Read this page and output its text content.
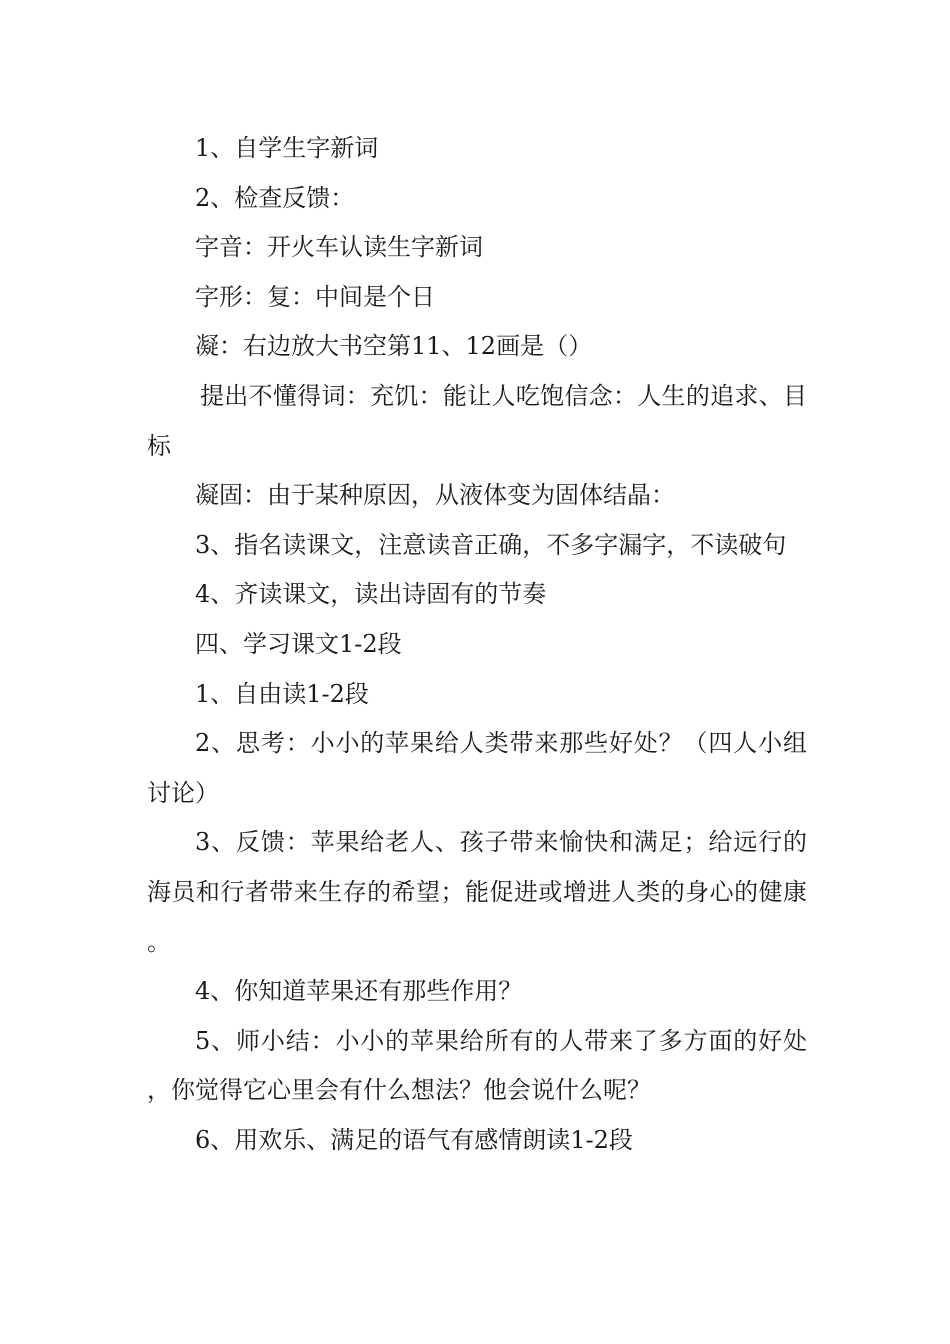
1、自学生字新词

2、检查反馈：

字音：开火车认读生字新词

字形：复：中间是个日

凝：右边放大书空第11、12画是（）

提出不懂得词：充饥：能让人吃饱信念：人生的追求、目标

凝固：由于某种原因，从液体变为固体结晶：

3、指名读课文，注意读音正确，不多字漏字，不读破句

4、齐读课文，读出诗固有的节奏

四、学习课文1-2段

1、自由读1-2段

2、思考：小小的苹果给人类带来那些好处？（四人小组讨论）

3、反馈：苹果给老人、孩子带来愉快和满足；给远行的海员和行者带来生存的希望；能促进或增进人类的身心的健康。

4、你知道苹果还有那些作用？

5、师小结：小小的苹果给所有的人带来了多方面的好处，你觉得它心里会有什么想法？他会说什么呢？

6、用欢乐、满足的语气有感情朗读1-2段
